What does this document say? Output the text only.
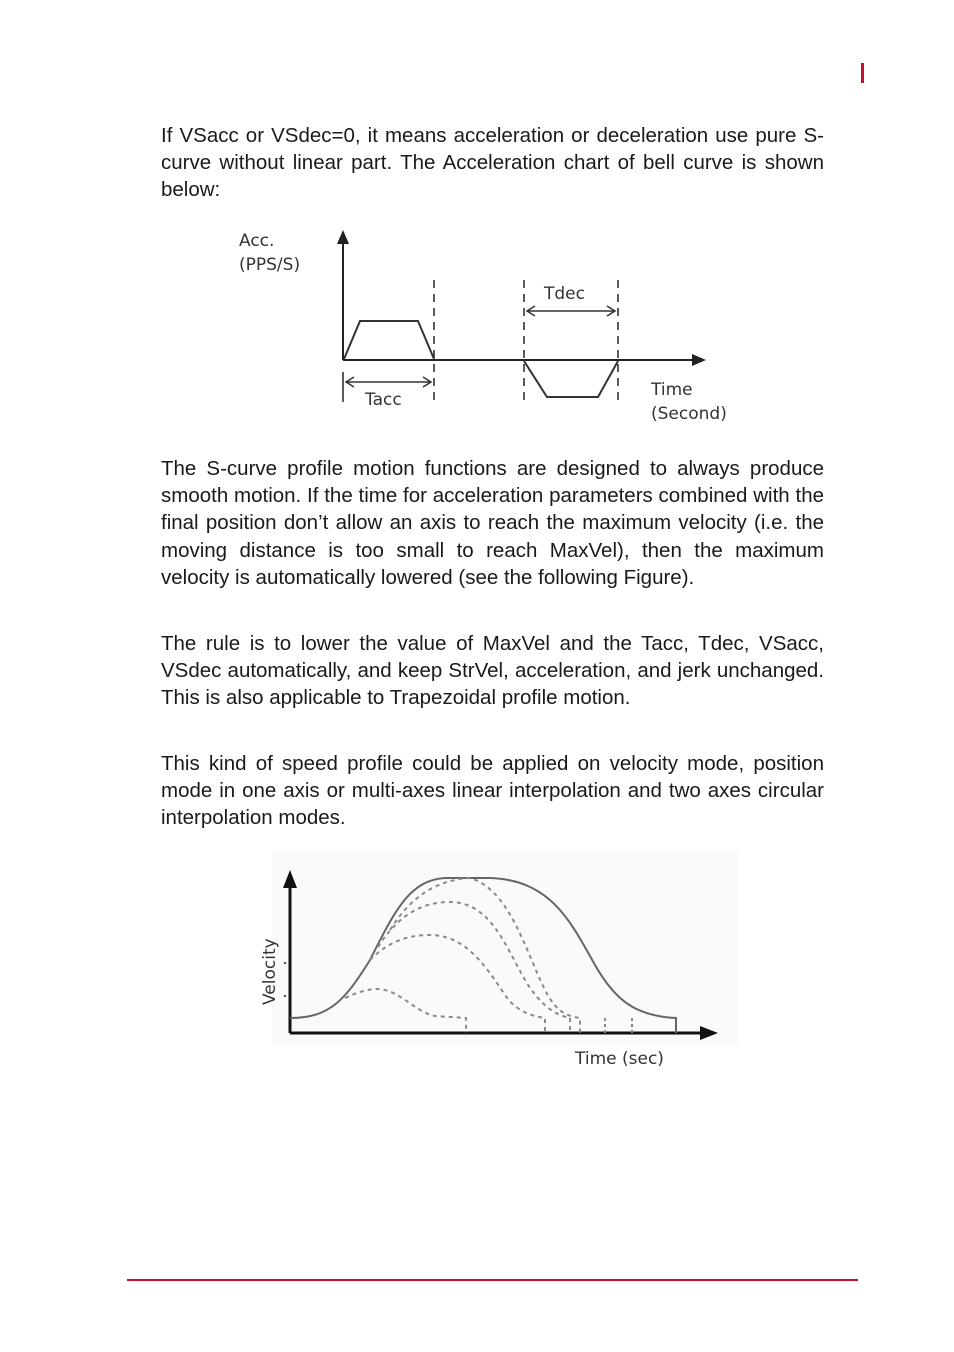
If VSacc or VSdec=0, it means acceleration or deceleration use pure S-curve without linear part. The Acceleration chart of bell curve is shown below:

Acc.
(PPS/S)
Tdec
Tacc	Time
(Second)

The S-curve profile motion functions are designed to always produce smooth motion. If the time for acceleration parameters combined with the final position don’t allow an axis to reach the maximum velocity (i.e. the moving distance is too small to reach MaxVel), then the maximum velocity is automatically lowered (see the following Figure).

The rule is to lower the value of MaxVel and the Tacc, Tdec, VSacc, VSdec automatically, and keep StrVel, acceleration, and jerk unchanged. This is also applicable to Trapezoidal profile motion.

This kind of speed profile could be applied on velocity mode, position mode in one axis or multi-axes linear interpolation and two axes circular interpolation modes.

Velocity
Time (sec)
